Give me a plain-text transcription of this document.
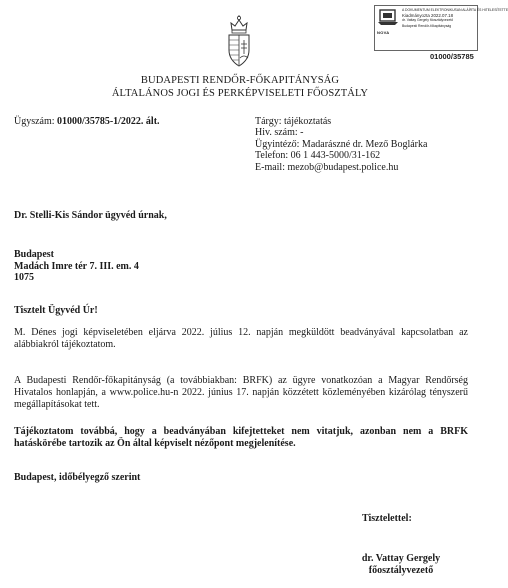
NOVA
A DOKUMENTUM ELEKTRONIKUSAN ALÁÍRTA ÉS HITELESÍTETTE
Kiadmányozta 2022.07.18
dr. Vattay Gergely főosztályvezető
Budapesti Rendőr-főkapitányság
01000/35785
BUDAPESTI RENDŐR-FŐKAPITÁNYSÁG
ÁLTALÁNOS JOGI ÉS PERKÉPVISELETI FŐOSZTÁLY
Ügyszám: 01000/35785-1/2022. ált.	Tárgy: tájékoztatás
Hiv. szám: -
Ügyintéző: Madarászné dr. Mező Boglárka
Telefon: 06 1 443-5000/31-162
E-mail: mezob@budapest.police.hu
Dr. Stelli-Kis Sándor ügyvéd úrnak,
Budapest
Madách Imre tér 7. III. em. 4
1075
Tisztelt Ügyvéd Úr!
M. Dénes jogi képviseletében eljárva 2022. július 12. napján megküldött beadványával kapcsolatban az alábbiakról tájékoztatom.
A Budapesti Rendőr-főkapitányság (a továbbiakban: BRFK) az ügyre vonatkozóan a Magyar Rendőrség Hivatalos honlapján, a www.police.hu-n 2022. június 17. napján közzétett közleményében kizárólag tényszerű megállapításokat tett.
Tájékoztatom továbbá, hogy a beadványában kifejtetteket nem vitatjuk, azonban nem a BRFK hatáskörébe tartozik az Ön által képviselt nézőpont megjelenítése.
Budapest, időbélyegző szerint
Tisztelettel:
dr. Vattay Gergely
főosztályvezető
